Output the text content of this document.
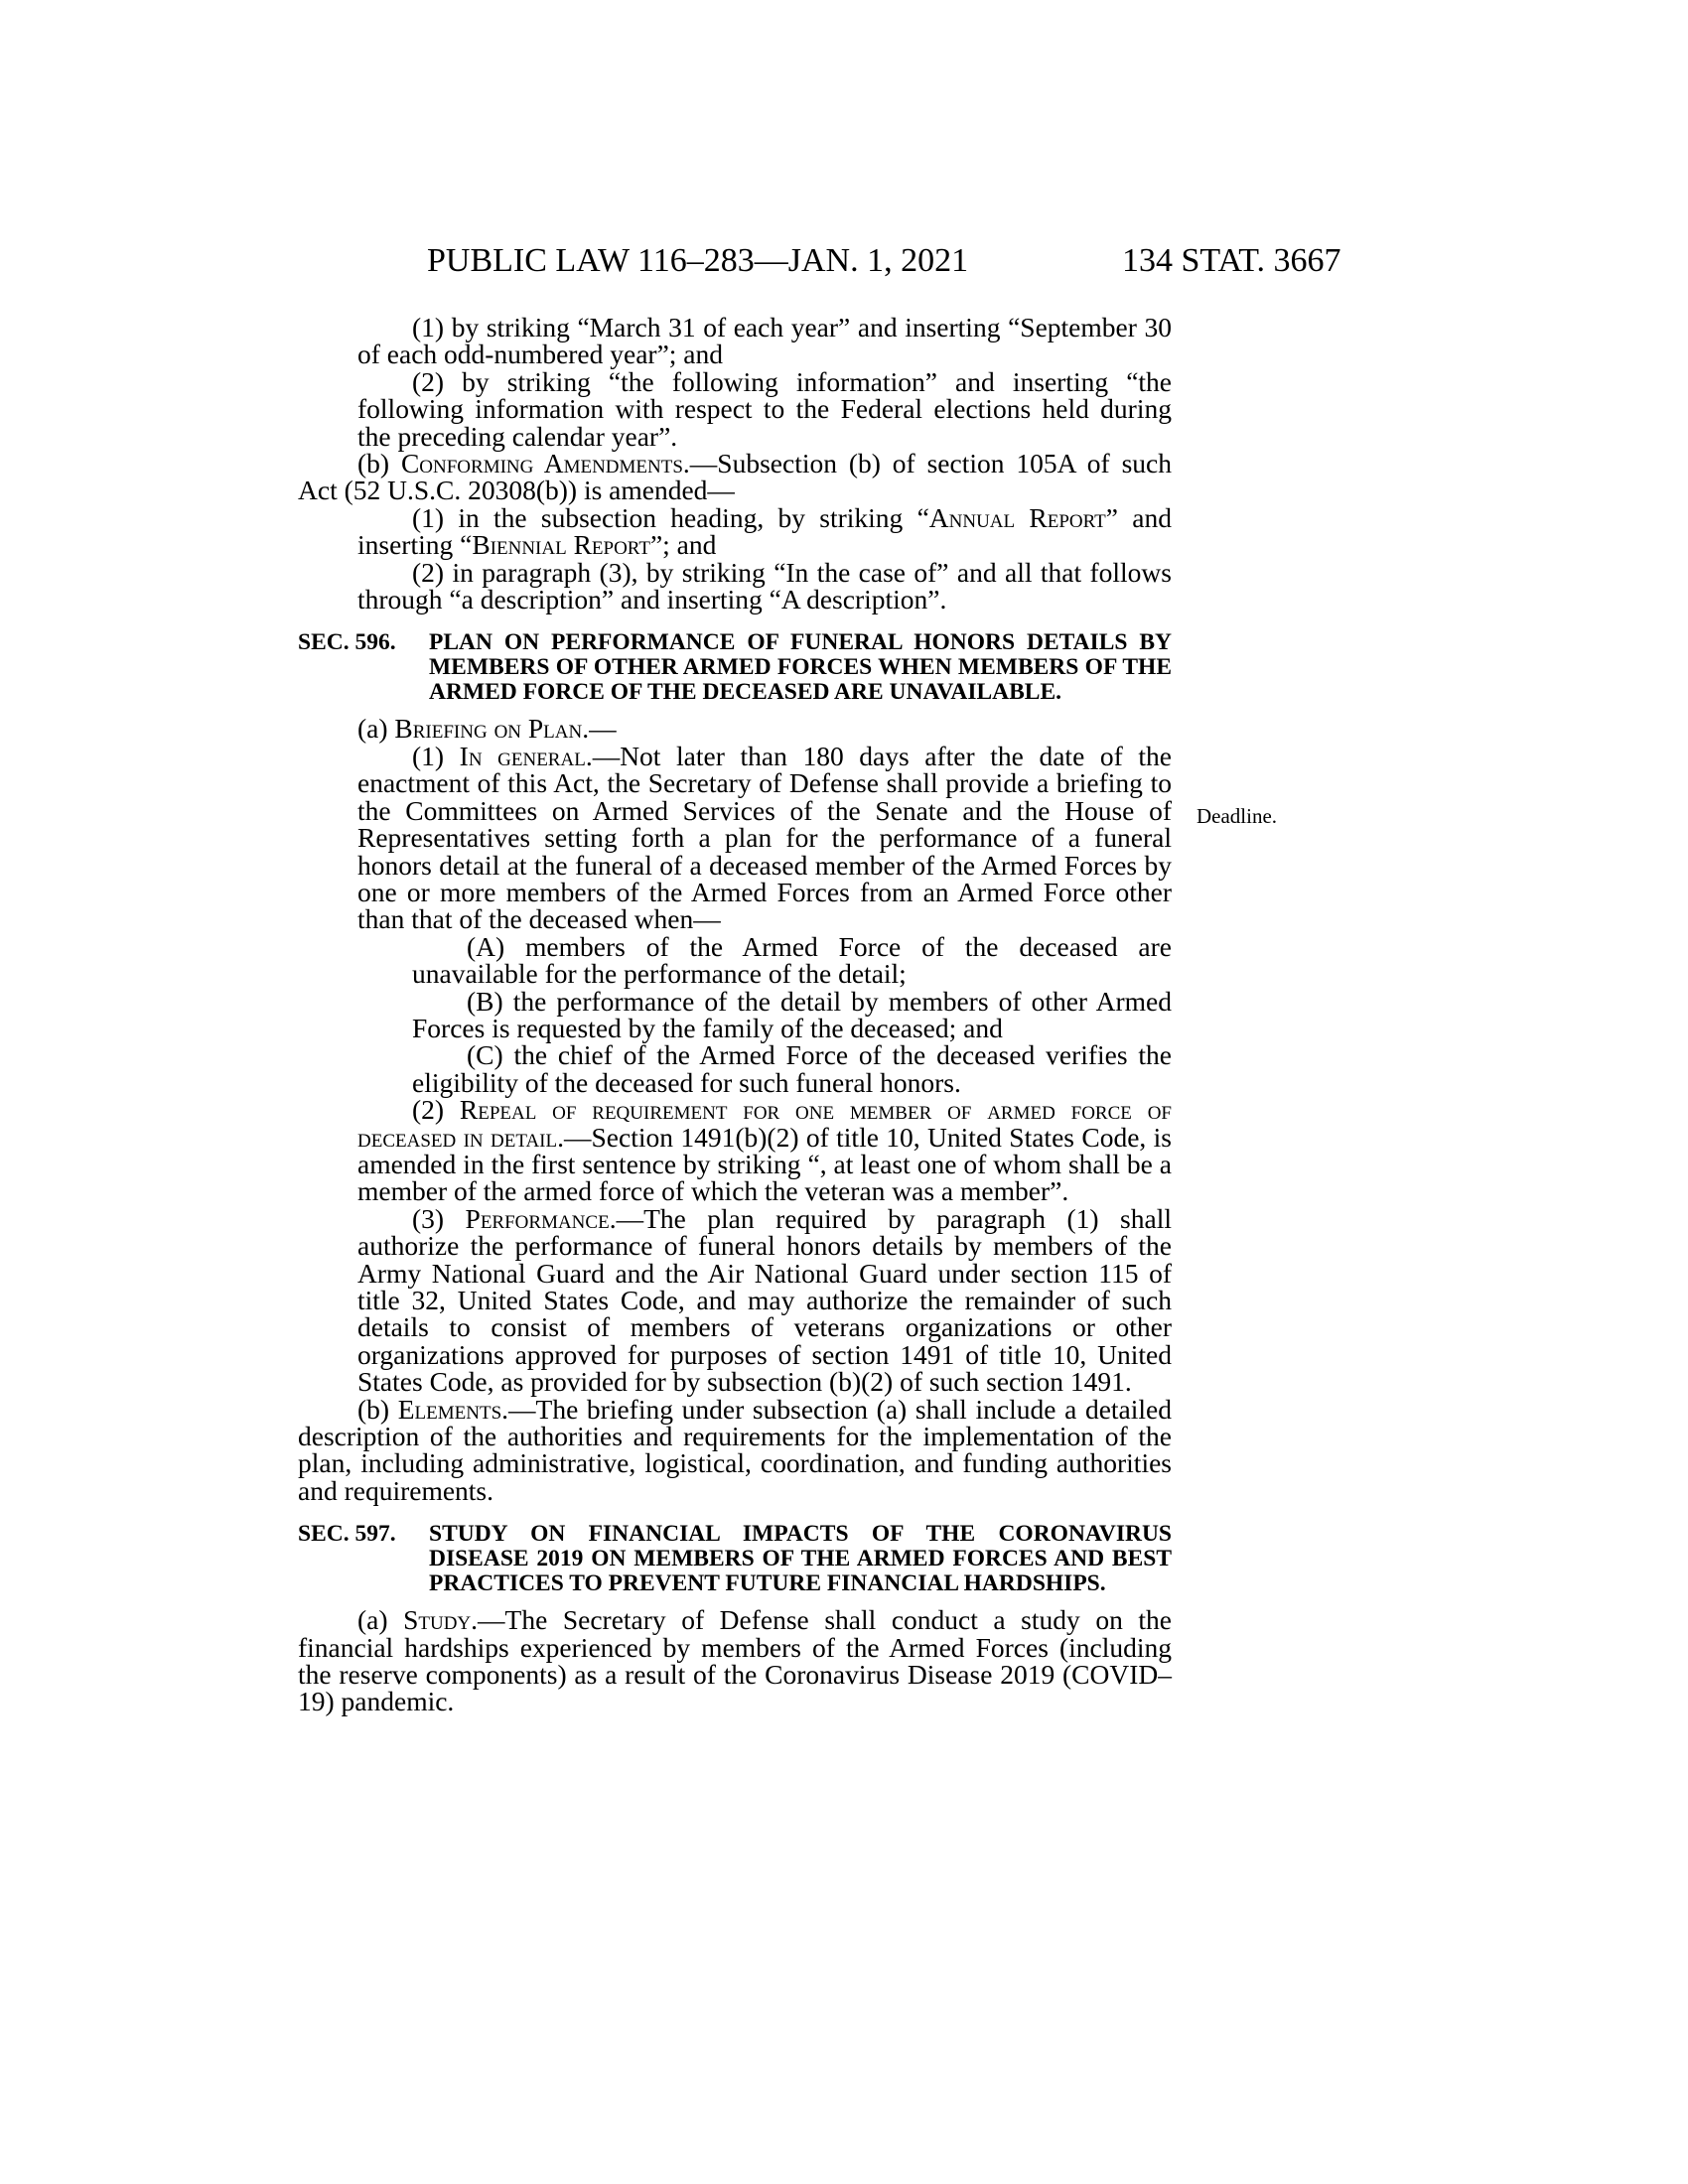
PUBLIC LAW 116–283—JAN. 1, 2021	134 STAT. 3667
Deadline.

(1) by striking “March 31 of each year” and inserting “September 30 of each odd-numbered year”; and

(2) by striking “the following information” and inserting “the following information with respect to the Federal elections held during the preceding calendar year”.

(b) Conforming Amendments.—Subsection (b) of section 105A of such Act (52 U.S.C. 20308(b)) is amended—

(1) in the subsection heading, by striking “Annual Report” and inserting “Biennial Report”; and

(2) in paragraph (3), by striking “In the case of” and all that follows through “a description” and inserting “A description”.

SEC. 596. PLAN ON PERFORMANCE OF FUNERAL HONORS DETAILS BY MEMBERS OF OTHER ARMED FORCES WHEN MEMBERS OF THE ARMED FORCE OF THE DECEASED ARE UNAVAILABLE.

(a) Briefing on Plan.—

(1) In general.—Not later than 180 days after the date of the enactment of this Act, the Secretary of Defense shall provide a briefing to the Committees on Armed Services of the Senate and the House of Representatives setting forth a plan for the performance of a funeral honors detail at the funeral of a deceased member of the Armed Forces by one or more members of the Armed Forces from an Armed Force other than that of the deceased when—

(A) members of the Armed Force of the deceased are unavailable for the performance of the detail;

(B) the performance of the detail by members of other Armed Forces is requested by the family of the deceased; and

(C) the chief of the Armed Force of the deceased verifies the eligibility of the deceased for such funeral honors.

(2) Repeal of requirement for one member of armed force of deceased in detail.—Section 1491(b)(2) of title 10, United States Code, is amended in the first sentence by striking “, at least one of whom shall be a member of the armed force of which the veteran was a member”.

(3) Performance.—The plan required by paragraph (1) shall authorize the performance of funeral honors details by members of the Army National Guard and the Air National Guard under section 115 of title 32, United States Code, and may authorize the remainder of such details to consist of members of veterans organizations or other organizations approved for purposes of section 1491 of title 10, United States Code, as provided for by subsection (b)(2) of such section 1491.

(b) Elements.—The briefing under subsection (a) shall include a detailed description of the authorities and requirements for the implementation of the plan, including administrative, logistical, coordination, and funding authorities and requirements.

SEC. 597. STUDY ON FINANCIAL IMPACTS OF THE CORONAVIRUS DISEASE 2019 ON MEMBERS OF THE ARMED FORCES AND BEST PRACTICES TO PREVENT FUTURE FINANCIAL HARDSHIPS.

(a) Study.—The Secretary of Defense shall conduct a study on the financial hardships experienced by members of the Armed Forces (including the reserve components) as a result of the Coronavirus Disease 2019 (COVID–19) pandemic.
